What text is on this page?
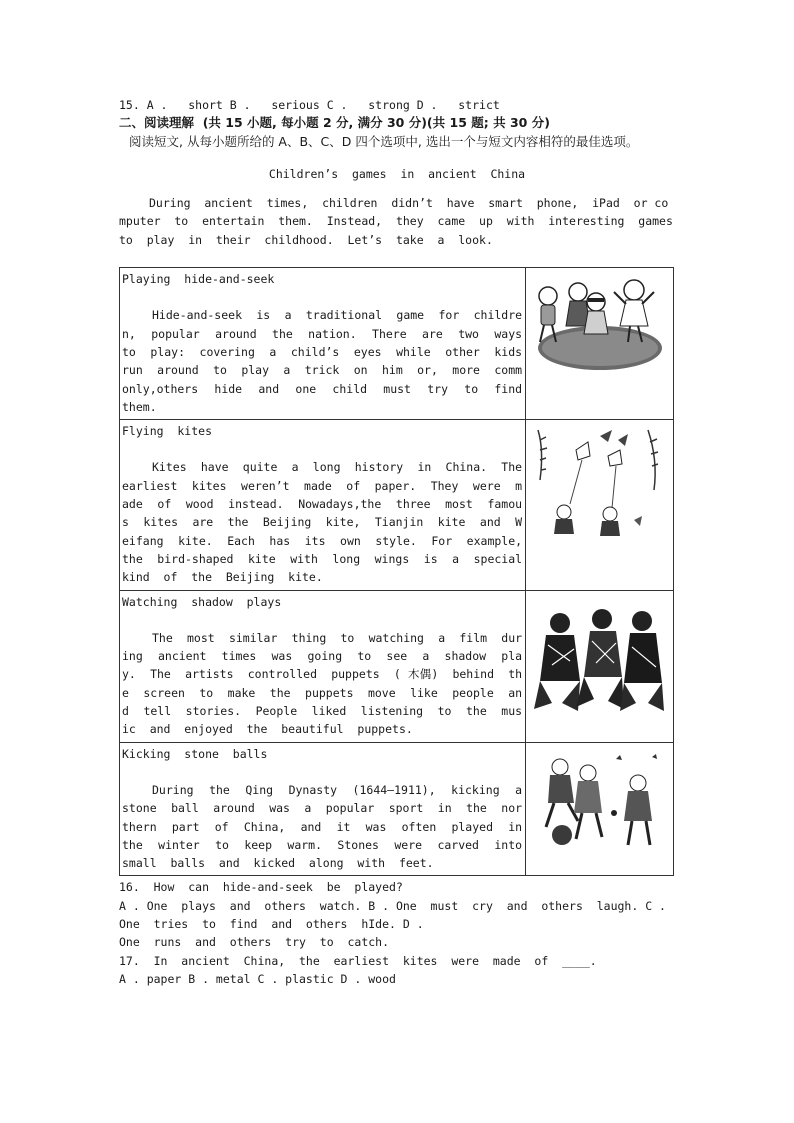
15. A .   short B .   serious C .   strong D .   strict
二、阅读理解  (共 15 小题, 每小题 2 分, 满分 30 分)(共 15 题; 共 30 分)
阅读短文, 从每小题所给的 A、B、C、D 四个选项中, 选出一个与短文内容相符的最佳选项。
Children’s  games  in  ancient  China
During  ancient  times,  children  didn’t  have  smart  phone,  iPad  or computer  to  entertain  them.  Instead,  they  came  up  with  interesting  games  to  play  in  their  childhood.  Let’s  take  a  look.
Playing  hide-and-seek
Hide-and-seek  is  a  traditional  game  for  children,  popular  around  the  nation.  There  are  two  ways  to  play:  covering  a  child’s  eyes  while  other  kids  run  around  to  play  a  trick  on  him  or,  more  commonly,others  hide  and  one  child  must  try  to  find  them.

Flying  kites
Kites  have  quite  a  long  history  in  China.  The  earliest  kites  weren’t  made  of  paper.  They  were  made  of  wood  instead.  Nowadays,the  three  most  famous  kites  are  the  Beijing  kite,  Tianjin  kite  and  Weifang  kite.  Each  has  its  own  style.  For  example,  the  bird-shaped  kite  with  long  wings  is  a  special  kind  of  the  Beijing  kite.

Watching  shadow  plays
The  most  similar  thing  to  watching  a  film  during  ancient  times  was  going  to  see  a  shadow  play.  The  artists  controlled  puppets  ( 木偶)  behind  the  screen  to  make  the  puppets  move  like  people  and  tell  stories.  People  liked  listening  to  the  music  and  enjoyed  the  beautiful  puppets.

Kicking  stone  balls
During  the  Qing  Dynasty  (1644—1911),  kicking  a  stone  ball  around  was  a  popular  sport  in  the  northern  part  of  China,  and  it  was  often  played  in  the  winter  to  keep  warm.  Stones  were  carved  into  small  balls  and  kicked  along  with  feet.

16.  How  can  hide-and-seek  be  played?
A . One  plays  and  others  watch. B . One  must  cry  and  others  laugh. C . One  tries  to  find  and  others  hIde. D .
One  runs  and  others  try  to  catch.
17.  In  ancient  China,  the  earliest  kites  were  made  of  ____.
A . paper B . metal C . plastic D . wood
